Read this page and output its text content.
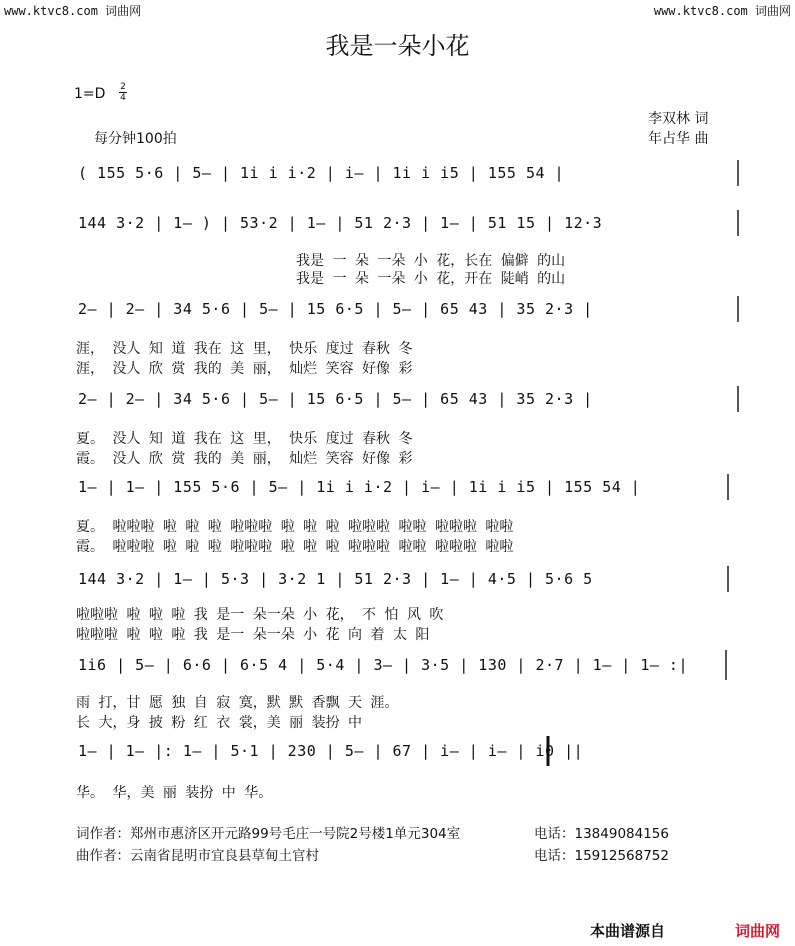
www.ktvc8.com 词曲网	www.ktvc8.com 词曲网
我是一朵小花
1=D 2
4
李双林 词
每分钟100拍	年占华 曲
( 155 5·6 | 5— | 1i i i·2 | i— | 1i i i5 | 155 54 |
144 3·2 | 1— ) | 53·2 | 1— | 51 2·3 | 1— | 51 15 | 12·3
我是 一 朵 一朵 小 花，长在 偏僻 的山
我是 一 朵 一朵 小 花，开在 陡峭 的山
2— | 2— | 34 5·6 | 5— | 15 6·5 | 5— | 65 43 | 35 2·3 |
涯， 没人 知 道 我在 这 里， 快乐 度过 春秋 冬
涯， 没人 欣 赏 我的 美 丽， 灿烂 笑容 好像 彩
2— | 2— | 34 5·6 | 5— | 15 6·5 | 5— | 65 43 | 35 2·3 |
夏。 没人 知 道 我在 这 里， 快乐 度过 春秋 冬
霞。 没人 欣 赏 我的 美 丽， 灿烂 笑容 好像 彩
1— | 1— | 155 5·6 | 5— | 1i i i·2 | i— | 1i i i5 | 155 54 |
夏。 啦啦啦 啦 啦 啦 啦啦啦 啦 啦 啦 啦啦啦 啦啦 啦啦啦 啦啦
霞。 啦啦啦 啦 啦 啦 啦啦啦 啦 啦 啦 啦啦啦 啦啦 啦啦啦 啦啦
144 3·2 | 1— | 5·3 | 3·2 1 | 51 2·3 | 1— | 4·5 | 5·6 5
啦啦啦 啦 啦 啦 我 是一 朵一朵 小 花， 不 怕 风 吹
啦啦啦 啦 啦 啦 我 是一 朵一朵 小 花 向 着 太 阳
1i6 | 5— | 6·6 | 6·5 4 | 5·4 | 3— | 3·5 | 130 | 2·7 | 1— | 1— :|
雨 打，甘 愿 独 自 寂 寞，默 默 香飘 天 涯。
长 大，身 披 粉 红 衣 裳，美 丽 装扮 中
1— | 1— |: 1— | 5·1 | 230 | 5— | 67 | i— | i— | i0 ||
华。 华，美 丽 装扮 中 华。
词作者：郑州市惠济区开元路99号毛庄一号院2号楼1单元304室	电话：13849084156
曲作者：云南省昆明市宜良县草甸土官村	电话：15912568752
本曲谱源自	词曲网
